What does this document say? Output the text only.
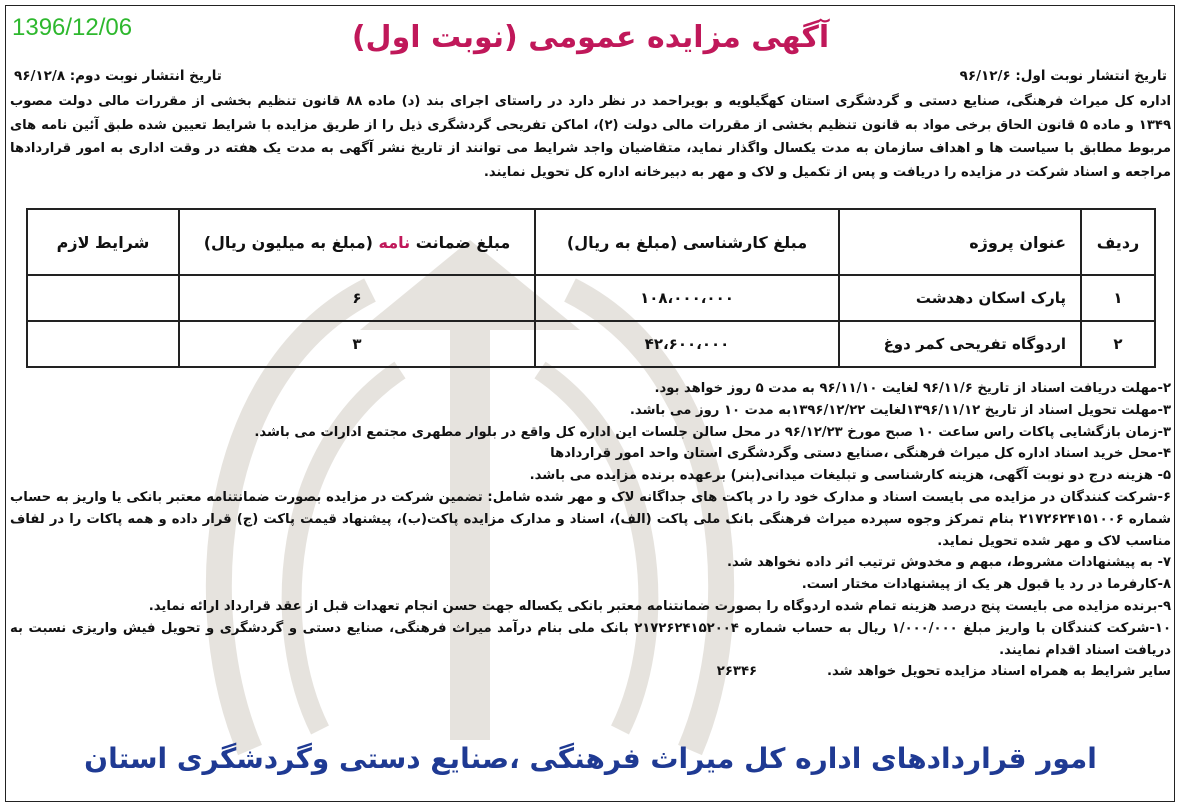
1396/12/06	آگهی مزایده عمومی (نوبت اول)
تاریخ انتشار نوبت اول: ۹۶/۱۲/۶
تاریخ انتشار نوبت دوم: ۹۶/۱۲/۸
اداره کل میراث فرهنگی، صنایع دستی و گردشگری استان کهگیلویه و بویراحمد در نظر دارد در راستای اجرای بند (د) ماده ۸۸ قانون تنظیم بخشی از مقررات مالی دولت مصوب ۱۳۴۹ و ماده ۵ قانون الحاق برخی مواد به قانون تنظیم بخشی از مقررات مالی دولت (۲)، اماکن تفریحی گردشگری ذیل را از طریق مزایده با شرایط تعیین شده طبق آئین نامه های مربوط مطابق با سیاست ها و اهداف سازمان به مدت یکسال واگذار نماید، متقاضیان واجد شرایط می توانند از تاریخ نشر آگهی به مدت یک هفته در وقت اداری به امور قراردادها مراجعه و اسناد شرکت در مزایده را دریافت و پس از تکمیل و لاک و مهر به دبیرخانه اداره کل تحویل نمایند.
ردیف	عنوان پروژه	مبلغ کارشناسی (مبلغ به ریال)	مبلغ ضمانت نامه (مبلغ به میلیون ریال)	شرایط لازم
۱	پارک اسکان دهدشت	۱۰۸،۰۰۰،۰۰۰	۶	
۲	اردوگاه تفریحی کمر دوغ	۴۲،۶۰۰،۰۰۰	۳	

۲-مهلت دریافت اسناد از تاریخ ۹۶/۱۱/۶ لغایت ۹۶/۱۱/۱۰ به مدت ۵ روز خواهد بود.

۳-مهلت تحویل اسناد از تاریخ ۱۳۹۶/۱۱/۱۲لغایت ۱۳۹۶/۱۲/۲۲به مدت ۱۰ روز می باشد.

۳-زمان بازگشایی پاکات راس ساعت ۱۰ صبح مورخ ۹۶/۱۲/۲۳ در محل سالن جلسات این اداره کل واقع در بلوار مطهری مجتمع ادارات می باشد.

۴-محل خرید اسناد اداره کل میراث فرهنگی ،صنایع دستی وگردشگری استان واحد امور قراردادها

۵- هزینه درج دو نوبت آگهی، هزینه کارشناسی و تبلیغات میدانی(بنر) برعهده برنده مزایده می باشد.

۶-شرکت کنندگان در مزایده می بایست اسناد و مدارک خود را در پاکت های جداگانه لاک و مهر شده شامل: تضمین شرکت در مزایده بصورت ضمانتنامه معتبر بانکی یا واریز به حساب شماره ۲۱۷۲۶۲۴۱۵۱۰۰۶ بنام تمرکز وجوه سپرده میراث فرهنگی بانک ملی پاکت (الف)، اسناد و مدارک مزایده پاکت(ب)، پیشنهاد قیمت پاکت (ج) قرار داده و همه پاکات را در لفاف مناسب لاک و مهر شده تحویل نماید.

۷- به پیشنهادات مشروط، مبهم و مخدوش ترتیب اثر داده نخواهد شد.

۸-کارفرما در رد یا قبول هر یک از پیشنهادات مختار است.

۹-برنده مزایده می بایست پنج درصد هزینه تمام شده اردوگاه را بصورت ضمانتنامه معتبر بانکی یکساله جهت حسن انجام تعهدات قبل از عقد قرارداد ارائه نماید.

۱۰-شرکت کنندگان با واریز مبلغ ۱/۰۰۰/۰۰۰ ریال به حساب شماره ۲۱۷۲۶۲۴۱۵۲۰۰۴ بانک ملی بنام درآمد میراث فرهنگی، صنایع دستی و گردشگری و تحویل فیش واریزی نسبت به دریافت اسناد اقدام نمایند.

سایر شرایط به همراه اسناد مزایده تحویل خواهد شد.
۲۶۳۴۶
امور قراردادهای اداره کل میراث فرهنگی ،صنایع دستی وگردشگری استان
